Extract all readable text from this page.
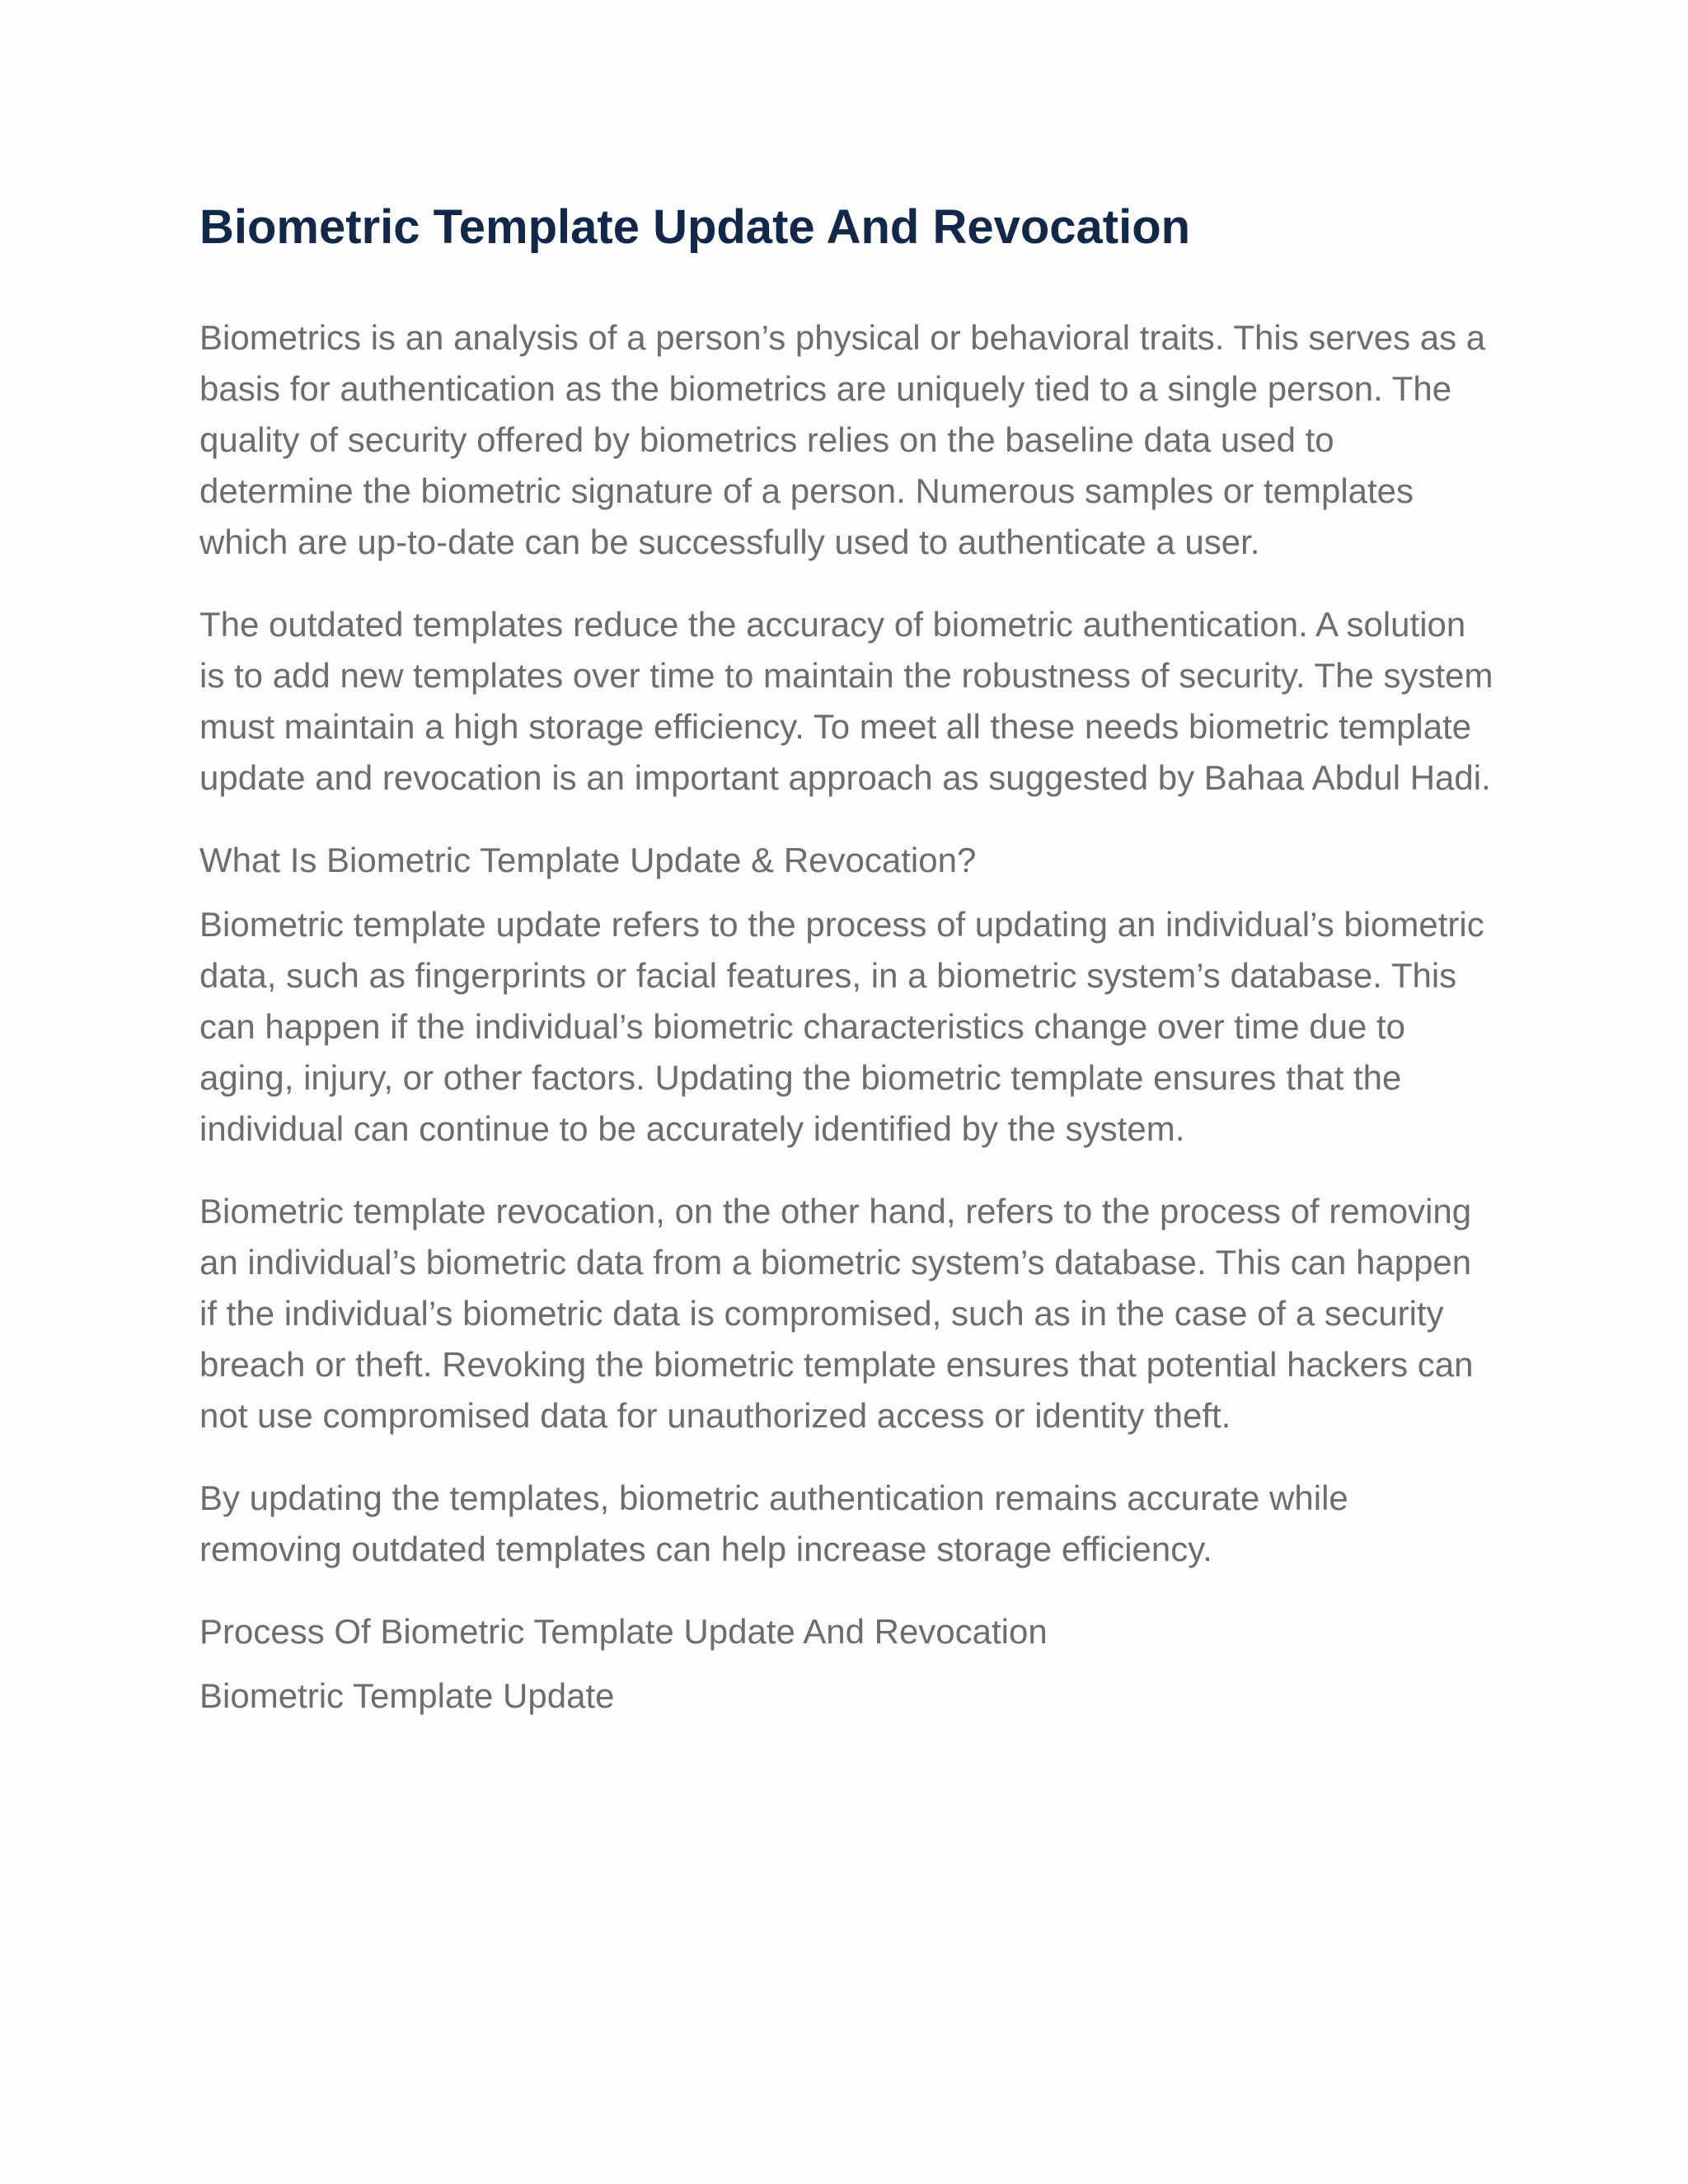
Biometric Template Update And Revocation

Biometrics is an analysis of a person’s physical or behavioral traits. This serves as a basis for authentication as the biometrics are uniquely tied to a single person. The quality of security offered by biometrics relies on the baseline data used to determine the biometric signature of a person. Numerous samples or templates which are up-to-date can be successfully used to authenticate a user.

The outdated templates reduce the accuracy of biometric authentication. A solution is to add new templates over time to maintain the robustness of security. The system must maintain a high storage efficiency. To meet all these needs biometric template update and revocation is an important approach as suggested by Bahaa Abdul Hadi.

What Is Biometric Template Update & Revocation?

Biometric template update refers to the process of updating an individual’s biometric data, such as fingerprints or facial features, in a biometric system’s database. This can happen if the individual’s biometric characteristics change over time due to aging, injury, or other factors. Updating the biometric template ensures that the individual can continue to be accurately identified by the system.

Biometric template revocation, on the other hand, refers to the process of removing an individual’s biometric data from a biometric system’s database. This can happen if the individual’s biometric data is compromised, such as in the case of a security breach or theft. Revoking the biometric template ensures that potential hackers can not use compromised data for unauthorized access or identity theft.

By updating the templates, biometric authentication remains accurate while removing outdated templates can help increase storage efficiency.

Process Of Biometric Template Update And Revocation
Biometric Template Update
